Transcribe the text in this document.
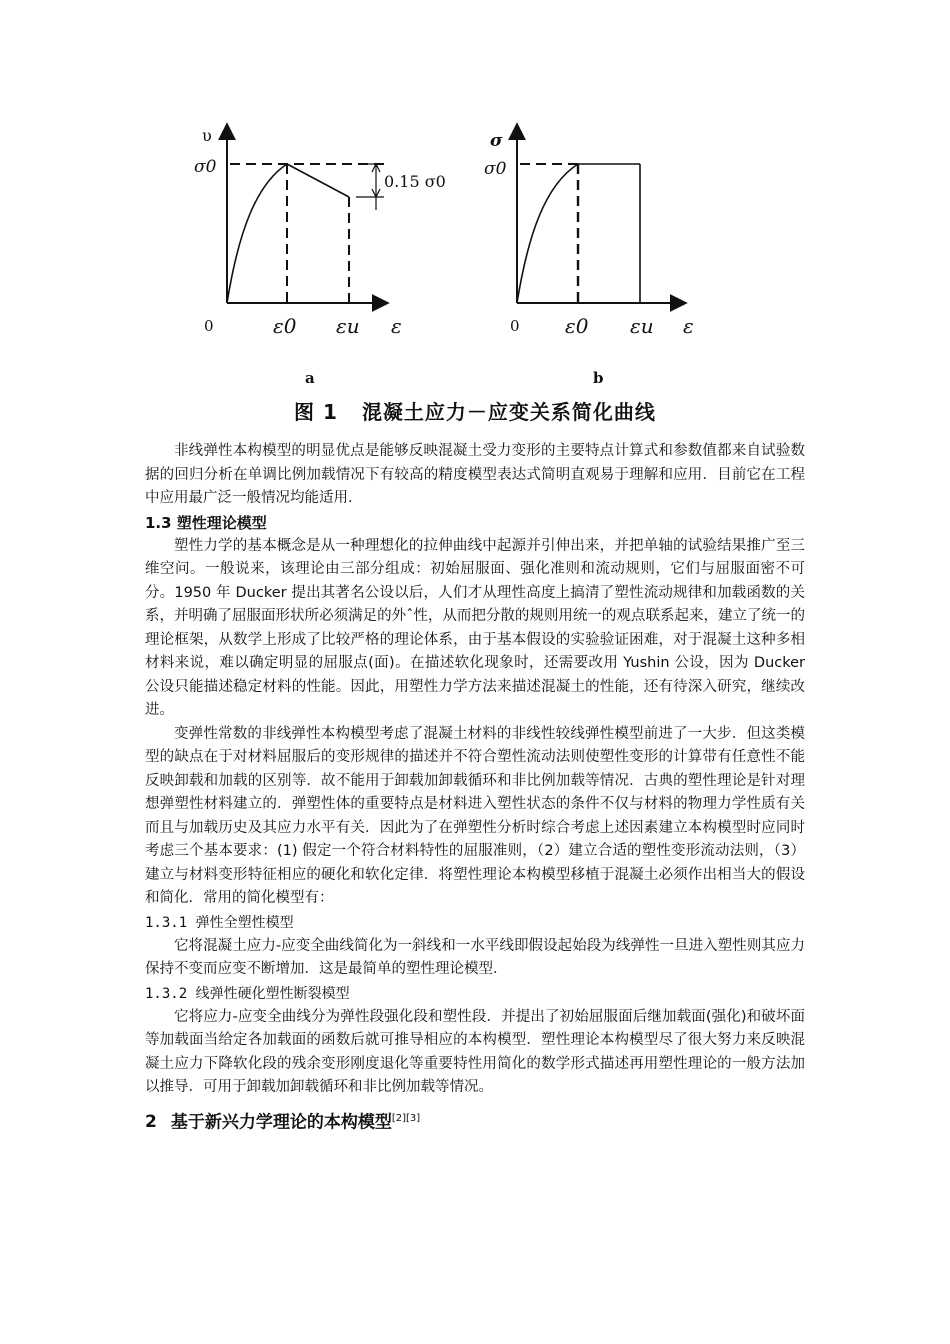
υ
σ0
0.15 σ0
0	ε0 εu ε
a
σ
σ0
0 ε0 εu ε
b
图 1 混凝土应力－应变关系简化曲线

非线弹性本构模型的明显优点是能够反映混凝土受力变形的主要特点计算式和参数值都来自试验数据的回归分析在单调比例加载情况下有较高的精度模型表达式简明直观易于理解和应用．目前它在工程中应用最广泛一般情况均能适用．

1.3 塑性理论模型

塑性力学的基本概念是从一种理想化的拉伸曲线中起源并引伸出来，并把单轴的试验结果推广至三维空问。一般说来，该理论由三部分组成：初始屈服面、强化准则和流动规则，它们与屈服面密不可分。1950 年 Ducker 提出其著名公设以后，人们才从理性高度上搞清了塑性流动规律和加载函数的关系，并明确了屈服面形状所必须满足的外ˆ性，从而把分散的规则用统一的观点联系起来，建立了统一的理论框架，从数学上形成了比较严格的理论体系，由于基本假设的实验验证困难，对于混凝土这种多相材料来说，难以确定明显的屈服点(面)。在描述软化现象时，还需要改用 Yushin 公设，因为 Ducker 公设只能描述稳定材料的性能。因此，用塑性力学方法来描述混凝土的性能，还有待深入研究，继续改进。

变弹性常数的非线弹性本构模型考虑了混凝土材料的非线性较线弹性模型前进了一大步．但这类模型的缺点在于对材料屈服后的变形规律的描述并不符合塑性流动法则使塑性变形的计算带有任意性不能反映卸载和加载的区别等．故不能用于卸载加卸载循环和非比例加载等情况．古典的塑性理论是针对理想弹塑性材料建立的．弹塑性体的重要特点是材料进入塑性状态的条件不仅与材料的物理力学性质有关而且与加载历史及其应力水平有关．因此为了在弹塑性分析时综合考虑上述因素建立本构模型时应同时考虑三个基本要求：(1) 假定一个符合材料特性的屈服准则，（2）建立合适的塑性变形流动法则，（3）建立与材料变形特征相应的硬化和软化定律．将塑性理论本构模型移植于混凝土必须作出相当大的假设和简化．常用的简化模型有：

1.3.1 弹性全塑性模型

它将混凝土应力-应变全曲线简化为一斜线和一水平线即假设起始段为线弹性一旦进入塑性则其应力保持不变而应变不断增加．这是最简单的塑性理论模型．

1.3.2 线弹性硬化塑性断裂模型

它将应力-应变全曲线分为弹性段强化段和塑性段．并提出了初始屈服面后继加载面(强化)和破坏面等加载面当给定各加载面的函数后就可推导相应的本构模型．塑性理论本构模型尽了很大努力来反映混凝土应力下降软化段的残余变形刚度退化等重要特性用简化的数学形式描述再用塑性理论的一般方法加以推导．可用于卸载加卸载循环和非比例加载等情况。

2 基于新兴力学理论的本构模型[2][3]
